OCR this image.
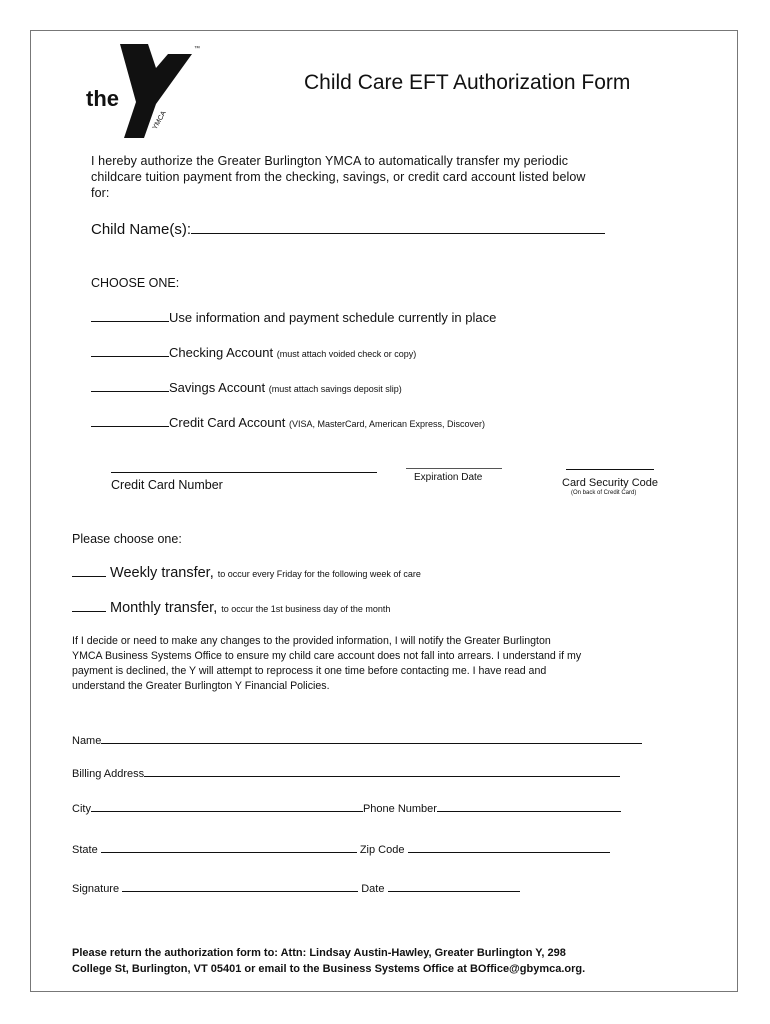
the
YMCA
™
Child Care EFT Authorization Form
I hereby authorize the Greater Burlington YMCA to automatically transfer my periodic
childcare tuition payment from the checking, savings, or credit card account listed below
for:
Child Name(s):
CHOOSE ONE:
Use information and payment schedule currently in place
Checking Account (must attach voided check or copy)
Savings Account (must attach savings deposit slip)
Credit Card Account (VISA, MasterCard, American Express, Discover)
Credit Card Number
Expiration Date	Card Security Code
(On back of Credit Card)
Please choose one:
Weekly transfer, to occur every Friday for the following week of care
Monthly transfer, to occur the 1st business day of the month
If I decide or need to make any changes to the provided information, I will notify the Greater Burlington
YMCA Business Systems Office to ensure my child care account does not fall into arrears. I understand if my
payment is declined, the Y will attempt to reprocess it one time before contacting me. I have read and
understand the Greater Burlington Y Financial Policies.
Name
Billing Address
City	Phone Number
State	Zip Code
Signature	Date
Please return the authorization form to: Attn: Lindsay Austin-Hawley, Greater Burlington Y, 298
College St, Burlington, VT 05401 or email to the Business Systems Office at BOffice@gbymca.org.
